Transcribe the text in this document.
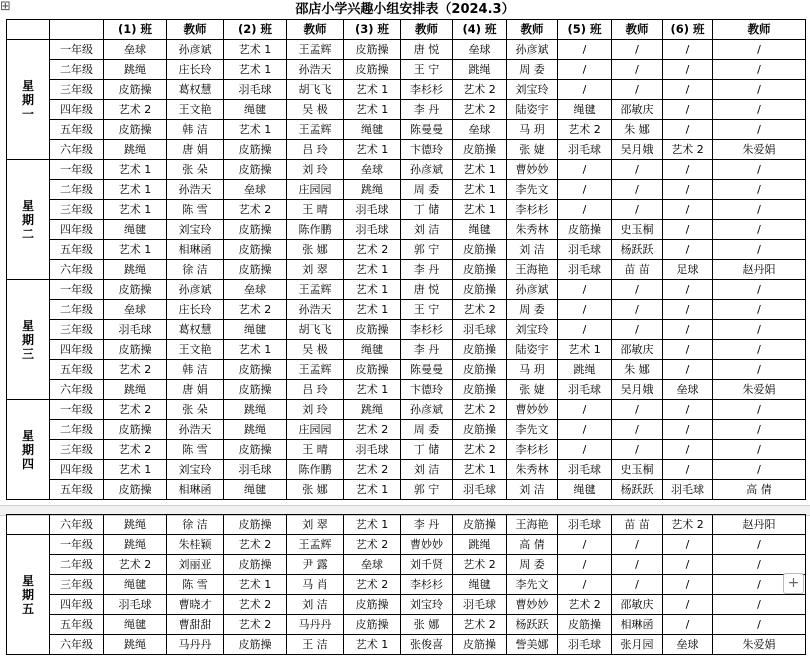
⊞	邵店小学兴趣小组安排表（2024.3）
		(1) 班	教师	(2) 班	教师	(3) 班	教师	(4) 班	教师	(5) 班	教师	(6) 班	教师
星期一	一年级	垒球	孙彦斌	艺术 1	王孟辉	皮筋操	唐 悦	垒球	孙彦斌	/	/	/	/
	二年级	跳绳	庄长玲	艺术 1	孙浩天	皮筋操	王 宁	跳绳	周 委	/	/	/	/
	三年级	皮筋操	葛权慧	羽毛球	胡飞飞	艺术 1	李杉杉	艺术 2	刘宝玲	/	/	/	/
	四年级	艺术 2	王文艳	绳毽	吴 极	艺术 1	李 丹	艺术 2	陆姿宇	绳毽	邵敏庆	/	/
	五年级	皮筋操	韩 洁	艺术 1	王孟辉	绳毽	陈曼曼	垒球	马 玥	艺术 2	朱 娜	/	/
	六年级	跳绳	唐 娟	皮筋操	吕 玲	艺术 1	卞德玲	皮筋操	张 婕	羽毛球	吴月娥	艺术 2	朱爱娟
星期二	一年级	艺术 1	张 朵	皮筋操	刘 玲	垒球	孙彦斌	艺术 1	曹妙妙	/	/	/	/
	二年级	艺术 1	孙浩天	垒球	庄园园	跳绳	周 委	艺术 1	李先文	/	/	/	/
	三年级	艺术 1	陈 雪	艺术 2	王 晴	羽毛球	丁 储	艺术 1	李杉杉	/	/	/	/
	四年级	绳毽	刘宝玲	皮筋操	陈作鹏	羽毛球	刘 洁	绳毽	朱秀林	皮筋操	史玉桐	/	/
	五年级	艺术 1	相琳函	皮筋操	张 娜	艺术 2	郭 宁	皮筋操	刘 洁	羽毛球	杨跃跃	/	/
	六年级	跳绳	徐 洁	皮筋操	刘 翠	艺术 1	李 丹	皮筋操	王海艳	羽毛球	苗 苗	足球	赵丹阳
星期三	一年级	皮筋操	孙彦斌	垒球	王孟辉	艺术 1	唐 悦	皮筋操	孙彦斌	/	/	/	/
	二年级	垒球	庄长玲	艺术 2	孙浩天	艺术 1	王 宁	艺术 2	周 委	/	/	/	/
	三年级	羽毛球	葛权慧	绳毽	胡飞飞	皮筋操	李杉杉	羽毛球	刘宝玲	/	/	/	/
	四年级	皮筋操	王文艳	艺术 1	吴 极	绳毽	李 丹	皮筋操	陆姿宇	艺术 1	邵敏庆	/	/
	五年级	艺术 2	韩 洁	皮筋操	王孟辉	皮筋操	陈曼曼	皮筋操	马 玥	跳绳	朱 娜	/	/
	六年级	跳绳	唐 娟	皮筋操	吕 玲	艺术 1	卞德玲	皮筋操	张 婕	羽毛球	吴月娥	垒球	朱爱娟
星期四	一年级	艺术 2	张 朵	跳绳	刘 玲	跳绳	孙彦斌	艺术 2	曹妙妙	/	/	/	/
	二年级	皮筋操	孙浩天	跳绳	庄园园	艺术 2	周 委	皮筋操	李先文	/	/	/	/
	三年级	艺术 2	陈 雪	皮筋操	王 晴	羽毛球	丁 储	艺术 2	李杉杉	/	/	/	/
	四年级	艺术 1	刘宝玲	羽毛球	陈作鹏	艺术 2	刘 洁	艺术 1	朱秀林	羽毛球	史玉桐	/	/
	五年级	皮筋操	相琳函	绳毽	张 娜	艺术 1	郭 宁	羽毛球	刘 洁	绳毽	杨跃跃	羽毛球	高 倩
	六年级	跳绳	徐 洁	皮筋操	刘 翠	艺术 1	李 丹	皮筋操	王海艳	羽毛球	苗 苗	艺术 2	赵丹阳
星期五	一年级	跳绳	朱桂颖	艺术 2	王孟辉	艺术 2	曹妙妙	跳绳	高 倩	/	/	/	/
	二年级	艺术 2	刘丽亚	皮筋操	尹 露	垒球	刘千贤	艺术 2	周 委	/	/	/	/
	三年级	绳毽	陈 雪	艺术 1	马 肖	艺术 2	李杉杉	绳毽	李先文	/	/	/	/
	四年级	羽毛球	曹晓才	艺术 2	刘 洁	皮筋操	刘宝玲	羽毛球	曹妙妙	艺术 2	邵敏庆	/	/
	五年级	绳毽	曹甜甜	艺术 2	马丹丹	皮筋操	张 娜	艺术 2	杨跃跃	皮筋操	相琳函	/	/
	六年级	跳绳	马丹丹	皮筋操	王 洁	艺术 1	张俊喜	皮筋操	訾美娜	羽毛球	张月园	垒球	朱爱娟
+
